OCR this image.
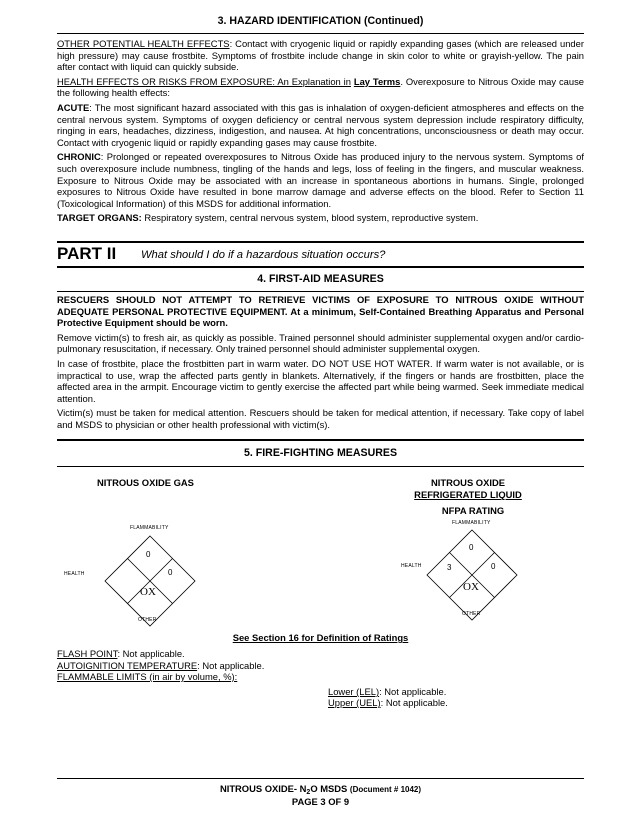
3. HAZARD IDENTIFICATION (Continued)

OTHER POTENTIAL HEALTH EFFECTS: Contact with cryogenic liquid or rapidly expanding gases (which are released under high pressure) may cause frostbite. Symptoms of frostbite include change in skin color to white or grayish-yellow. The pain after contact with liquid can quickly subside.

HEALTH EFFECTS OR RISKS FROM EXPOSURE: An Explanation in Lay Terms. Overexposure to Nitrous Oxide may cause the following health effects:

ACUTE: The most significant hazard associated with this gas is inhalation of oxygen-deficient atmospheres and effects on the central nervous system. Symptoms of oxygen deficiency or central nervous system depression include respiratory difficulty, ringing in ears, headaches, dizziness, indigestion, and nausea. At high concentrations, unconsciousness or death may occur. Contact with cryogenic liquid or rapidly expanding gases may cause frostbite.

CHRONIC: Prolonged or repeated overexposures to Nitrous Oxide has produced injury to the nervous system. Symptoms of such overexposure include numbness, tingling of the hands and legs, loss of feeling in the fingers, and muscular weakness. Exposure to Nitrous Oxide may be associated with an increase in spontaneous abortions in humans. Single, prolonged exposures to Nitrous Oxide have resulted in bone marrow damage and adverse effects on the blood. Refer to Section 11 (Toxicological Information) of this MSDS for additional information.

TARGET ORGANS: Respiratory system, central nervous system, blood system, reproductive system.

PART II What should I do if a hazardous situation occurs?
4. FIRST-AID MEASURES

RESCUERS SHOULD NOT ATTEMPT TO RETRIEVE VICTIMS OF EXPOSURE TO NITROUS OXIDE WITHOUT ADEQUATE PERSONAL PROTECTIVE EQUIPMENT. At a minimum, Self-Contained Breathing Apparatus and Personal Protective Equipment should be worn.

Remove victim(s) to fresh air, as quickly as possible. Trained personnel should administer supplemental oxygen and/or cardio-pulmonary resuscitation, if necessary. Only trained personnel should administer supplemental oxygen.

In case of frostbite, place the frostbitten part in warm water. DO NOT USE HOT WATER. If warm water is not available, or is impractical to use, wrap the affected parts gently in blankets. Alternatively, if the fingers or hands are frostbitten, place the affected area in the armpit. Encourage victim to gently exercise the affected part while being warmed. Seek immediate medical attention.

Victim(s) must be taken for medical attention. Rescuers should be taken for medical attention, if necessary. Take copy of label and MSDS to physician or other health professional with victim(s).

5. FIRE-FIGHTING MEASURES
NITROUS OXIDE GAS	NITROUS OXIDE
REFRIGERATED LIQUID
NFPA RATING
FLAMMABILITY
HEALTH
OTHER
0
0
OX
FLAMMABILITY
HEALTH
OTHER
0
3	0
OX
See Section 16 for Definition of Ratings
FLASH POINT: Not applicable.
AUTOIGNITION TEMPERATURE: Not applicable.
FLAMMABLE LIMITS (in air by volume, %):
Lower (LEL): Not applicable.
Upper (UEL): Not applicable.
NITROUS OXIDE- $N_2O$ MSDS (Document # 1042)
PAGE 3 OF 9
